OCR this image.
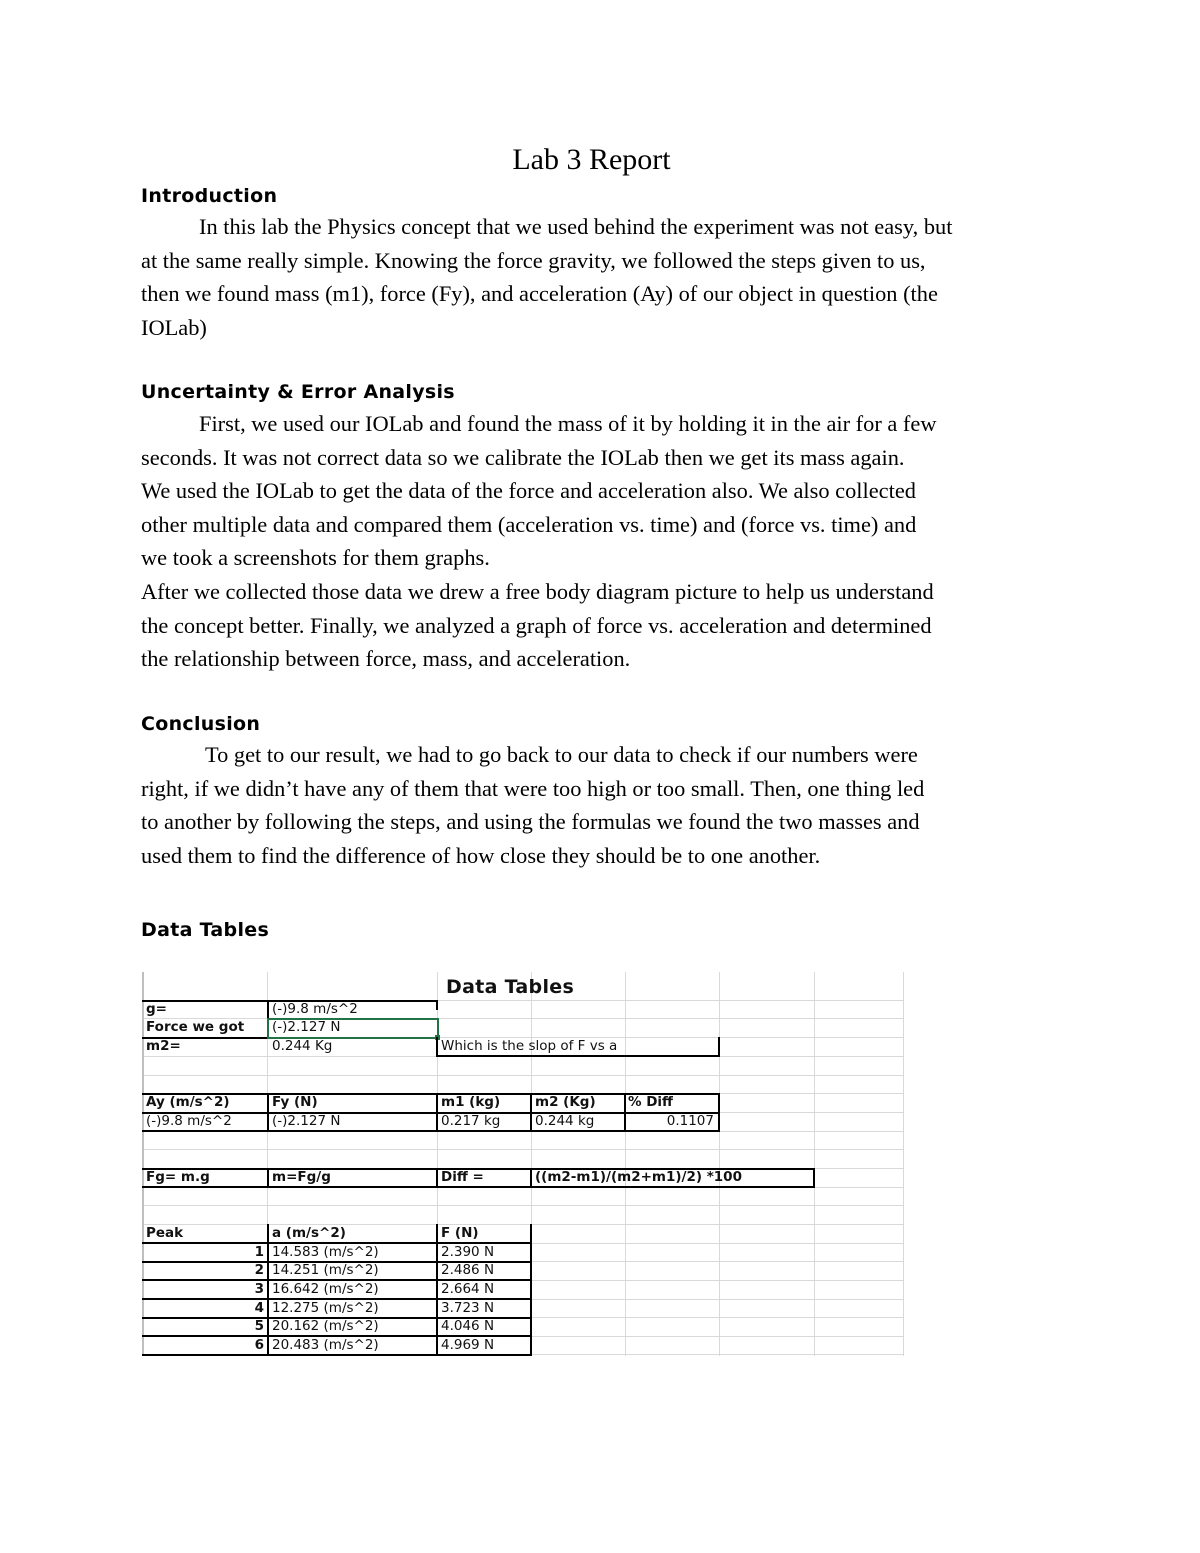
Lab 3 Report
Introduction
In this lab the Physics concept that we used behind the experiment was not easy, but
at the same really simple. Knowing the force gravity, we followed the steps given to us,
then we found mass (m1), force (Fy), and acceleration (Ay) of our object in question (the
IOLab)
Uncertainty & Error Analysis
First, we used our IOLab and found the mass of it by holding it in the air for a few
seconds. It was not correct data so we calibrate the IOLab then we get its mass again.
We used the IOLab to get the data of the force and acceleration also. We also collected
other multiple data and compared them (acceleration vs. time) and (force vs. time) and
we took a screenshots for them graphs.
After we collected those data we drew a free body diagram picture to help us understand
the concept better. Finally, we analyzed a graph of force vs. acceleration and determined
the relationship between force, mass, and acceleration.
Conclusion
To get to our result, we had to go back to our data to check if our numbers were
right, if we didn’t have any of them that were too high or too small. Then, one thing led
to another by following the steps, and using the formulas we found the two masses and
used them to find the difference of how close they should be to one another.
Data Tables
Data Tables
g=	(-)9.8 m/s^2
Force we got (-)2.127 N
m2=	0.244 Kg	Which is the slop of F vs a
Ay (m/s^2)	Fy (N)	m1 (kg)	m2 (Kg) % Diff
(-)9.8 m/s^2	(-)2.127 N	0.217 kg	0.244 kg	0.1107
Fg= m.g	m=Fg/g	Diff =	((m2-m1)/(m2+m1)/2) *100
Peak	a (m/s^2)	F (N)
1 14.583 (m/s^2)	2.390 N
2 14.251 (m/s^2)	2.486 N
3 16.642 (m/s^2)	2.664 N
4 12.275 (m/s^2)	3.723 N
5 20.162 (m/s^2)	4.046 N
6 20.483 (m/s^2)	4.969 N
